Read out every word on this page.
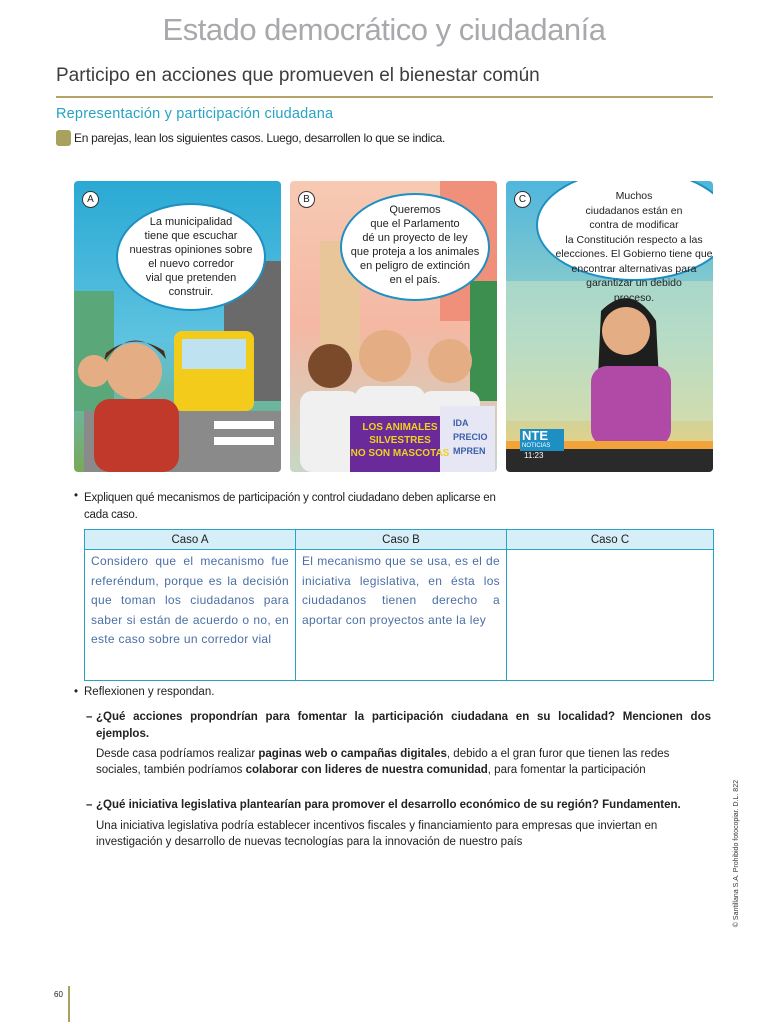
Estado democrático y ciudadanía
Participo en acciones que promueven el bienestar común
Representación y participación ciudadana
En parejas, lean los siguientes casos. Luego, desarrollen lo que se indica.
A
La municipalidad
tiene que escuchar
nuestras opiniones sobre
el nuevo corredor
vial que pretenden
construir.
B
LOS ANIMALES
SILVESTRES
NO SON MASCOTAS
IDA
PRECIO
MPREN
Queremos
que el Parlamento
dé un proyecto de ley
que proteja a los animales
en peligro de extinción
en el país.
C
NTE
NOTICIAS
11:23
Muchos
ciudadanos están en
contra de modificar
la Constitución respecto a las
elecciones. El Gobierno tiene que
encontrar alternativas para
garantizar un debido
proceso.
• Expliquen qué mecanismos de participación y control ciudadano deben aplicarse en
cada caso.
Caso A	Caso B	Caso C
Considero que el mecanismo fue referéndum, porque es la decisión que toman los ciudadanos para saber si están de acuerdo o no, en este caso sobre un corredor vial	El mecanismo que se usa, es el de iniciativa legislativa, en ésta los ciudadanos tienen derecho a aportar con proyectos ante la ley	
• Reflexionen y respondan.
– ¿Qué acciones propondrían para fomentar la participación ciudadana en su localidad? Mencionen dos ejemplos.
Desde casa podríamos realizar paginas web o campañas digitales, debido a el gran furor que tienen las redes sociales, también podríamos colaborar con lideres de nuestra comunidad, para fomentar la participación
– ¿Qué iniciativa legislativa plantearían para promover el desarrollo económico de su región? Fundamenten.
Una iniciativa legislativa podría establecer incentivos fiscales y financiamiento para empresas que inviertan en investigación y desarrollo de nuevas tecnologías para la innovación de nuestro país	© Santillana S.A. Prohibido fotocopiar. D.L. 822
60
